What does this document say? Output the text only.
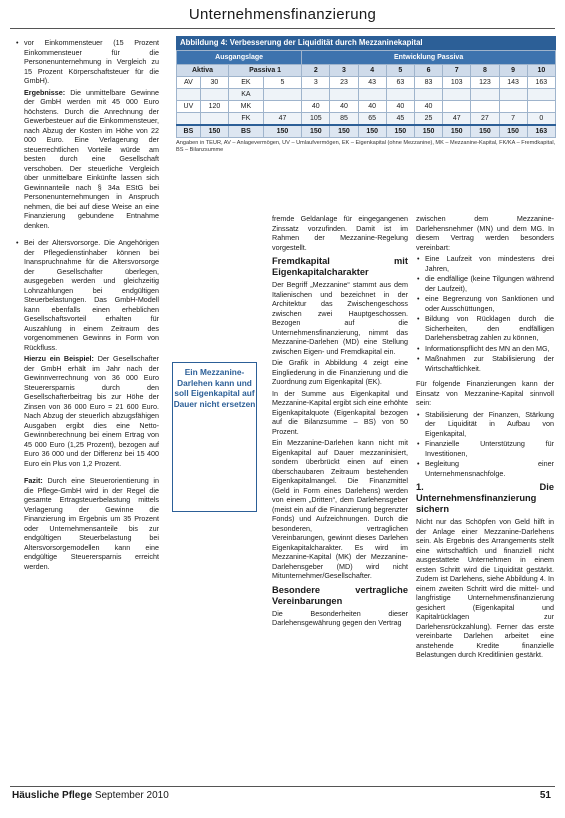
Unternehmensfinanzierung
• vor Einkommensteuer (15 Prozent Einkommensteuer für die Personenunternehmung in Vergleich zu 15 Prozent Körperschaftsteuer für die GmbH).

Ergebnisse: Die unmittelbare Gewinne der GmbH werden mit 45 000 Euro höchstens. Durch die Anrechnung der Gewerbesteuer auf die Einkommensteuer, nach Abzug der Kosten im Höhe von 22 000 Euro. Eine Verlagerung der steuerrechtlichen Vorteile würde am besten durch eine Gesellschaft verschoben. Der steuerliche Vergleich über unmittelbare Einkünfte lassen sich Gewinnanteile nach § 34a EStG bei Personenunternehmungen in Anspruch nehmen, die bei auf diese Weise an eine Finanzierung gebundene Entnahme denken.

• Bei der Altersvorsorge. Die Angehörigen der Pflegedienstinhaber können bei Inanspruchnahme für die Altersvorsorge der Gesellschafter überlegen, ausgegeben werden und gleichzeitig Lohnzahlungen bei endgültigen Steuerbelastungen. Das GmbH-Modell kann ebenfalls einen erheblichen Gesellschaftsvorteil erhalten für Auszahlung in einem Zeitraum des vorgenommenen Gewinns in Form von Rückfluss.

Hierzu ein Beispiel: Der Gesellschafter der GmbH erhält im Jahr nach der Gewinnverrechnung von 36 000 Euro Steuerersparnis durch den Gesellschafterbeitrag bis zur Höhe der Zinsen von 36 000 Euro = 21 600 Euro. Nach Abzug der steuerlich abzugsfähigen Ausgaben ergibt dies eine Netto-Gewinnberechnung bei einem Ertrag von 45 000 Euro (1,25 Prozent), bezogen auf Euro 36 000 und der Differenz bei 15 400 Euro ein Plus von 1,2 Prozent.

Fazit: Durch eine Steuerorientierung in die Pflege-GmbH wird in der Regel die gesamte Ertragsteuerbelastung mittels Verlagerung der Gewinne die Finanzierung im Ergebnis um 35 Prozent oder Unternehmensanteile bis zur endgültigen Steuerbelastung bei Altersvorsorgemodellen kann eine endgültige Steuerersparnis erreicht werden.

Abbildung 4: Verbesserung der Liquidität durch Mezzaninekapital
Ausgangslage				Entwicklung Passiva								
Aktiva		Passiva 1		2	3	4	5	6	7	8	9	10
AV	30	EK	5	3	23	43	63	83	103	123	143	163
		KA										
UV	120	MK		40	40	40	40	40				
		FK	47	105	85	65	45	25	47	27	7	0
BS	150	BS	150	150	150	150	150	150	150	150	150	163
Angaben in TEUR, AV – Anlagevermögen, UV – Umlaufvermögen, EK – Eigenkapital (ohne Mezzanine), MK – Mezzanine-Kapital, FK/KA – Fremdkapital, BS – Bilanzsumme
Ein Mezzanine-Darlehen kann und soll Eigenkapital auf Dauer nicht ersetzen

fremde Geldanlage für eingegangenen Zinssatz vorzufinden. Damit ist im Rahmen der Mezzanine-Regelung vorgestellt.

Fremdkapital mit Eigenkapitalcharakter

Der Begriff „Mezzanine“ stammt aus dem Italienischen und bezeichnet in der Architektur das Zwischengeschoss zwischen zwei Hauptgeschossen. Bezogen auf die Unternehmensfinanzierung, nimmt das Mezzanine-Darlehen (MD) eine Stellung zwischen Eigen- und Fremdkapital ein.

Die Grafik in Abbildung 4 zeigt eine Eingliederung in die Finanzierung und die Zuordnung zum Eigenkapital (EK).

In der Summe aus Eigenkapital und Mezzanine-Kapital ergibt sich eine erhöhte Eigenkapitalquote (Eigenkapital bezogen auf die Bilanzsumme – BS) von 50 Prozent.

Ein Mezzanine-Darlehen kann nicht mit Eigenkapital auf Dauer mezzaninisiert, sondern überbrückt einen auf einen überschaubaren Zeitraum bestehenden Eigenkapitalmangel. Die Finanzmittel (Geld in Form eines Darlehens) werden von einem „Dritten“, dem Darlehensgeber (meist ein auf die Finanzierung begrenzter Fonds) und Aufzeichnungen. Durch die besonderen, vertraglichen Vereinbarungen, gewinnt dieses Darlehen Eigenkapitalcharakter. Es wird im Mezzanine-Kapital (MK) der Mezzanine-Darlehensgeber (MD) wird nicht Mitunternehmer/Gesellschafter.

Besondere vertragliche Vereinbarungen

Die Besonderheiten dieser Darlehensgewährung gegen den Vertrag

zwischen dem Mezzanine-Darlehensnehmer (MN) und dem MG. In diesem Vertrag werden besonders vereinbart:

• Eine Laufzeit von mindestens drei Jahren,
• die endfällige (keine Tilgungen während der Laufzeit),
• eine Begrenzung von Sanktionen und oder Ausschüttungen,
• Bildung von Rücklagen durch die Sicherheiten, den endfälligen Darlehensbetrag zahlen zu können,
• Informationspflicht des MN an den MG,
• Maßnahmen zur Stabilisierung der Wirtschaftlichkeit.

Für folgende Finanzierungen kann der Einsatz von Mezzanine-Kapital sinnvoll sein:

• Stabilisierung der Finanzen, Stärkung der Liquidität in Aufbau von Eigenkapital,
• Finanzielle Unterstützung für Investitionen,
• Begleitung einer Unternehmensnachfolge.
1. Die Unternehmensfinanzierung sichern

Nicht nur das Schöpfen von Geld hilft in der Anlage einer Mezzanine-Darlehens sein. Als Ergebnis des Arrangements stellt eine wirtschaftlich und finanziell nicht ausgestattete Unternehmen in einem ersten Schritt wird die Liquidität gestärkt. Zudem ist Darlehens, siehe Abbildung 4. In einem zweiten Schritt wird die mittel- und langfristige Unternehmensfinanzierung gesichert (Eigenkapital und Kapitalrücklagen zur Darlehensrückzahlung). Ferner das erste vereinbarte Darlehen arbeitet eine anstehende Kredite finanzielle Belastungen durch Kreditlinien gestärkt.

Häusliche Pflege September 2010	51
